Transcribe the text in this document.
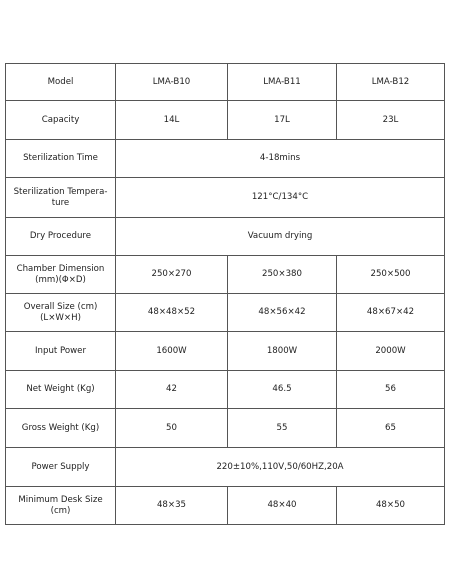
Model	LMA-B10	LMA-B11	LMA-B12

Capacity	14L	17L	23L

Sterilization Time	4-18mins		

Sterilization Tempera-
ture	121°C/134°C		

Dry Procedure	Vacuum drying		

Chamber Dimension
(mm)(Φ×D)	250×270	250×380	250×500

Overall Size (cm)
(L×W×H)	48×48×52	48×56×42	48×67×42

Input Power	1600W	1800W	2000W

Net Weight (Kg)	42	46.5	56

Gross Weight (Kg)	50	55	65

Power Supply	220±10%,110V,50/60HZ,20A		

Minimum Desk Size
(cm)	48×35	48×40	48×50
